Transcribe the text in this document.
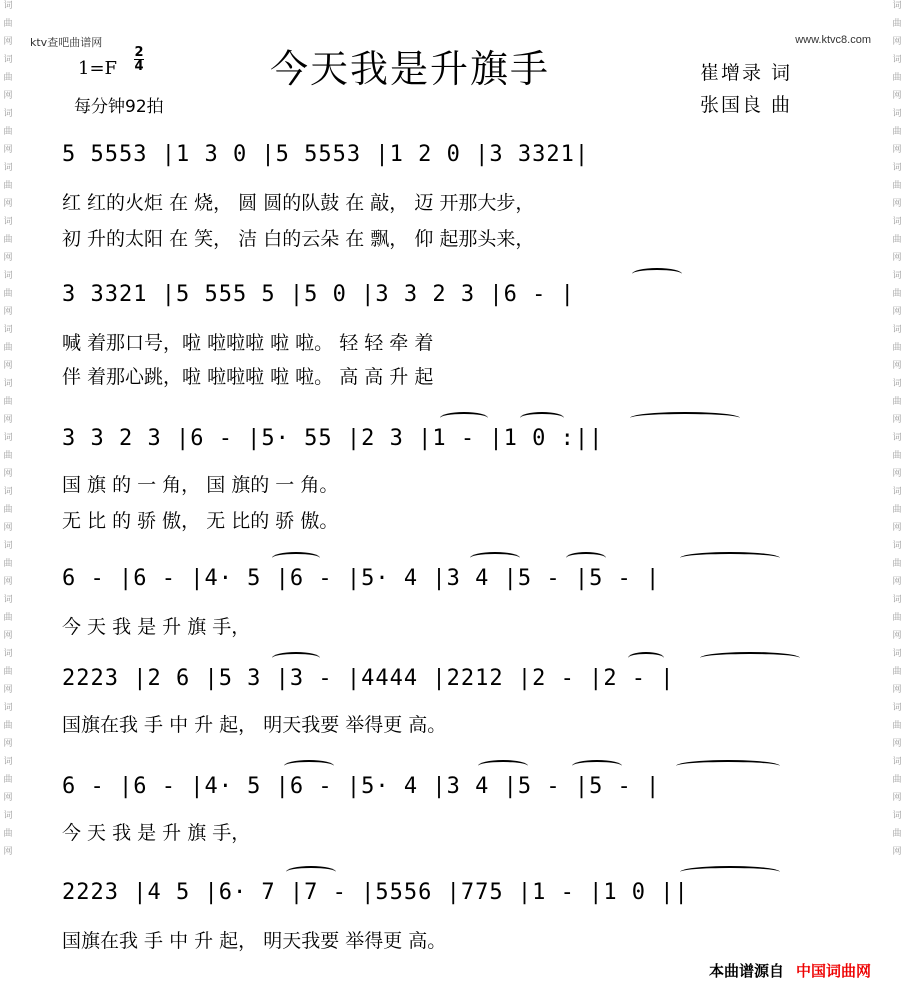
词
曲
网
词
曲
网
词
曲
网
词
曲
网
词
曲
网
词
曲
网
词
曲
网
词
曲
网
词
曲
网
词
曲
网
词
曲
网
词
曲
网
词
曲
网
词
曲
网
词
曲
网
词
曲
网
词
曲
网
词
曲
网
词
曲
网
词
曲
网
词
曲
网
词
曲
网
词
曲
网
词
曲
网
词
曲
网
词
曲
网
词
曲
网
词
曲
网
词
曲
网
词
曲
网
词
曲
网
词
曲
网
ktv查吧曲谱网	www.ktvc8.com
今天我是升旗手
1=F
2
4
每分钟92拍
崔增录 词
张国良 曲
5 5553 |1 3 0 |5 5553 |1 2 0 |3 3321|
红 红的火炬 在 烧， 圆 圆的队鼓 在 敲， 迈 开那大步，
初 升的太阳 在 笑， 洁 白的云朵 在 飘， 仰 起那头来，
3 3321 |5 555 5 |5 0 |3 3 2 3 |6 - |
喊 着那口号，啦 啦啦啦 啦 啦。 轻 轻 牵 着
伴 着那心跳，啦 啦啦啦 啦 啦。 高 高 升 起
3 3 2 3 |6 - |5· 55 |2 3 |1 - |1 0 :||
国 旗 的 一 角， 国 旗的 一 角。
无 比 的 骄 傲， 无 比的 骄 傲。
6 - |6 - |4· 5 |6 - |5· 4 |3 4 |5 - |5 - |
今 天 我 是 升 旗 手，
2223 |2 6 |5 3 |3 - |4444 |2212 |2 - |2 - |
国旗在我 手 中 升 起， 明天我要 举得更 高。
6 - |6 - |4· 5 |6 - |5· 4 |3 4 |5 - |5 - |
今 天 我 是 升 旗 手，
2223 |4 5 |6· 7 |7 - |5556 |775 |1 - |1 0 ||
国旗在我 手 中 升 起， 明天我要 举得更 高。
本曲谱源自 中国词曲网
